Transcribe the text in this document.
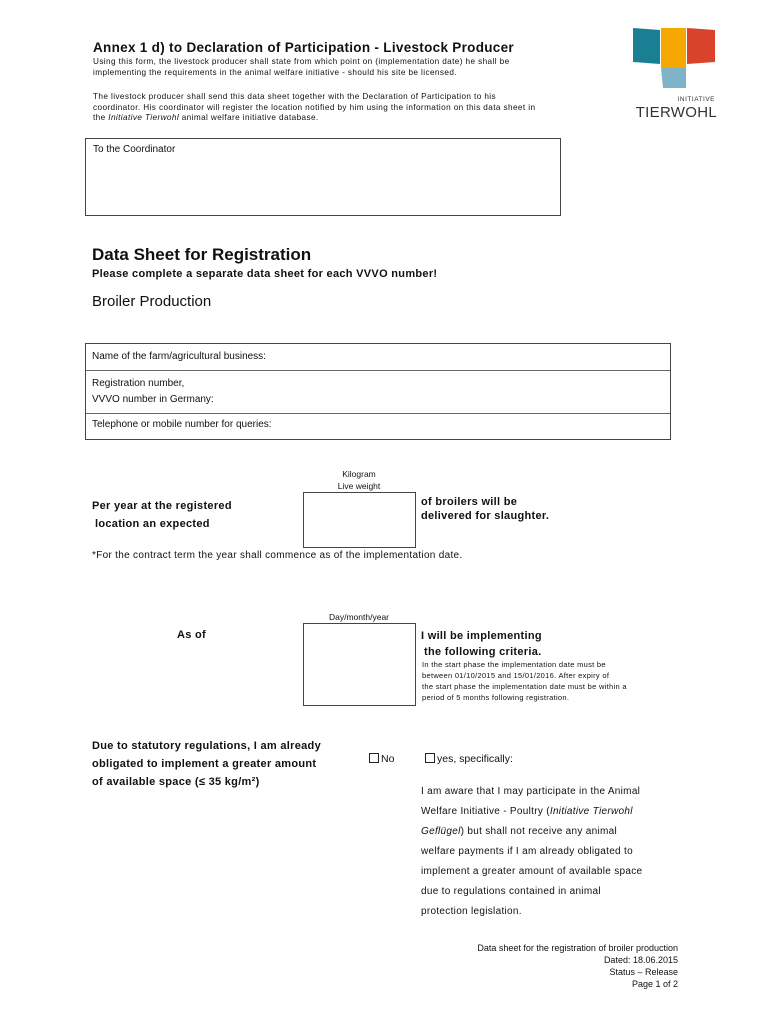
Annex 1 d) to Declaration of Participation - Livestock Producer
Using this form, the livestock producer shall state from which point on (implementation date) he shall be implementing the requirements in the animal welfare initiative - should his site be licensed.
The livestock producer shall send this data sheet together with the Declaration of Participation to his coordinator. His coordinator will register the location notified by him using the information on this data sheet in the Initiative Tierwohl animal welfare initiative database.
INITIATIVE
TIERWOHL
To the Coordinator
Data Sheet for Registration
Please complete a separate data sheet for each VVVO number!
Broiler Production
Name of the farm/agricultural business:
Registration number,
VVVO number in Germany:
Telephone or mobile number for queries:
Kilogram
Live weight
Per year at the registered
location an expected
of broilers will be
delivered for slaughter.
*For the contract term the year shall commence as of the implementation date.
Day/month/year
As of	I will be implementing
the following criteria.
In the start phase the implementation date must be
between 01/10/2015 and 15/01/2016. After expiry of
the start phase the implementation date must be within a
period of 5 months following registration.
Due to statutory regulations, I am already
obligated to implement a greater amount
of available space (≤ 35 kg/m²)
No	yes, specifically:
I am aware that I may participate in the Animal
Welfare Initiative - Poultry (Initiative Tierwohl
Geflügel) but shall not receive any animal
welfare payments if I am already obligated to
implement a greater amount of available space
due to regulations contained in animal
protection legislation.
Data sheet for the registration of broiler production
Dated: 18.06.2015
Status – Release
Page 1 of 2
